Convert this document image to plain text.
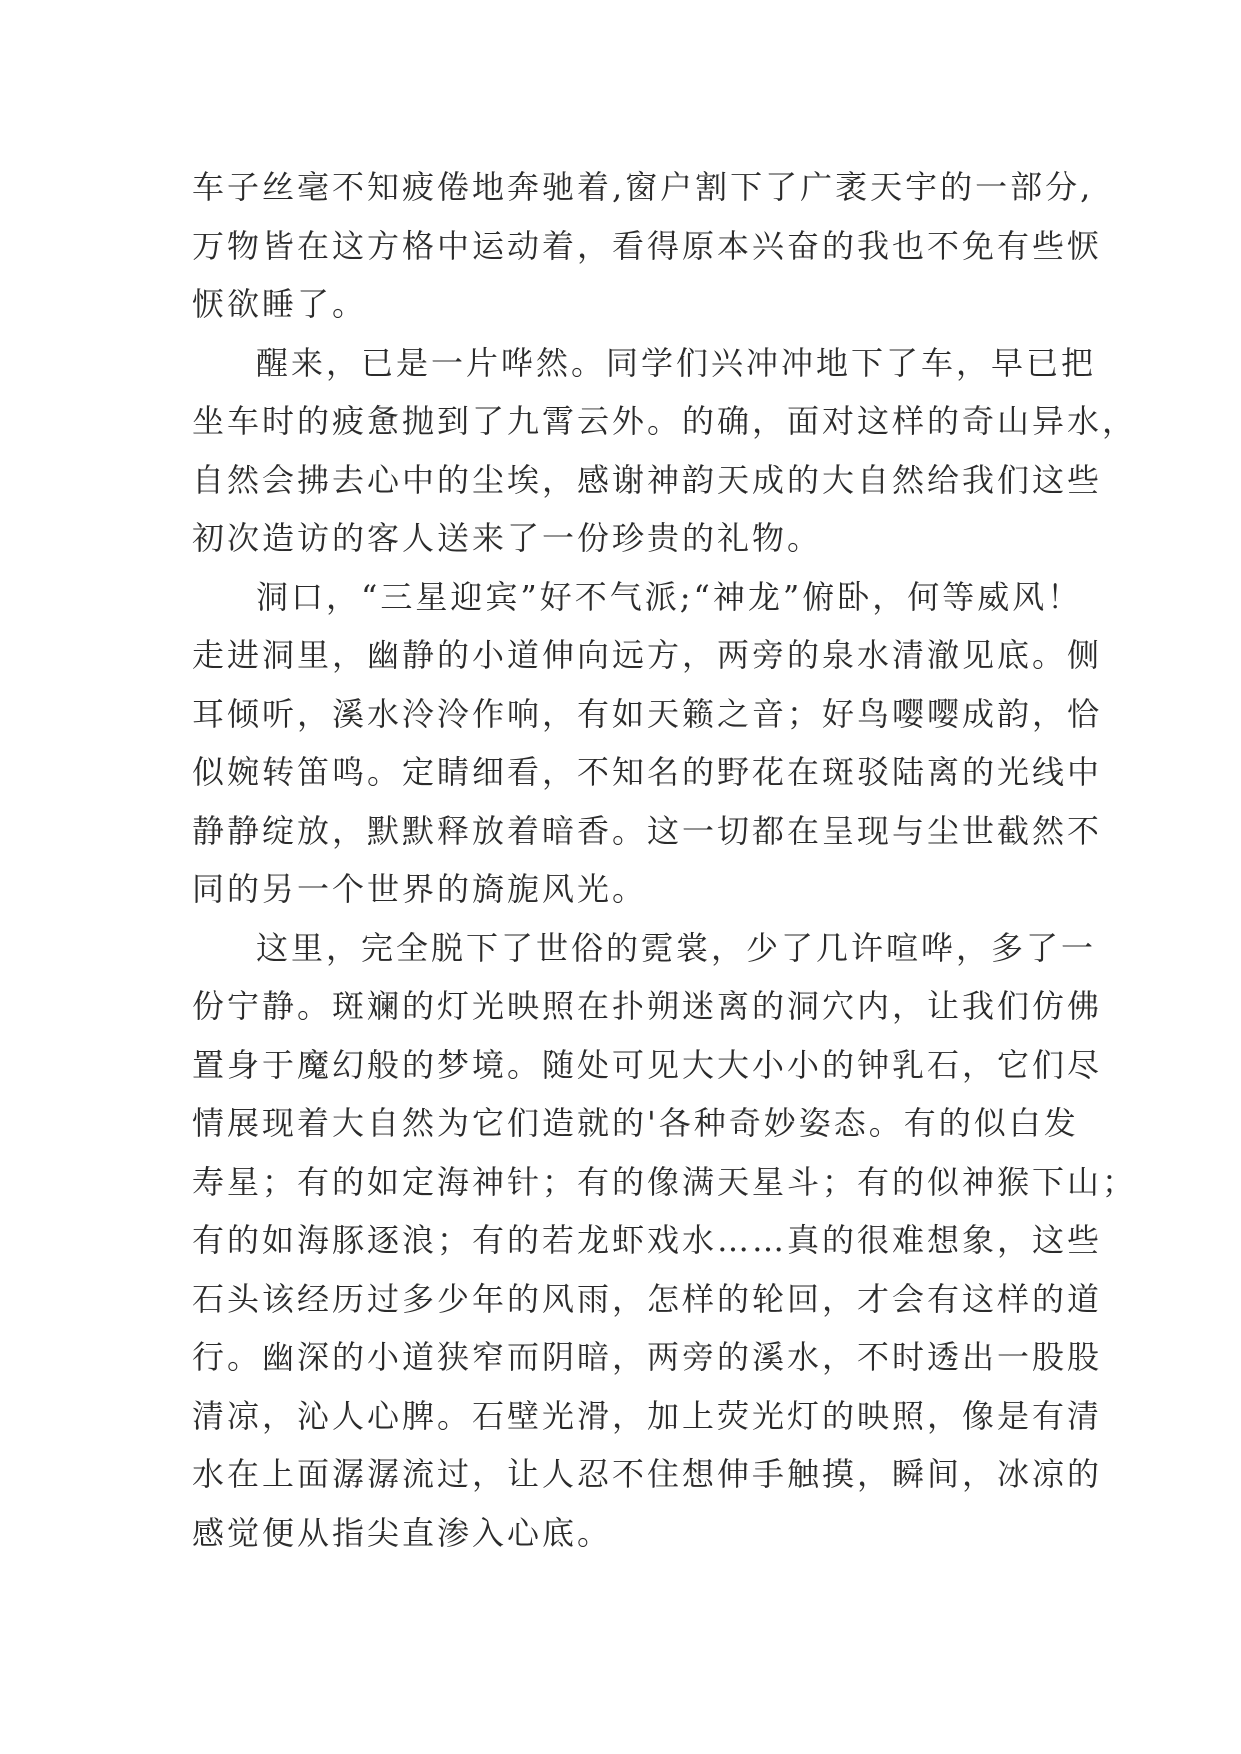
车子丝毫不知疲倦地奔驰着,窗户割下了广袤天宇的一部分,
万物皆在这方格中运动着，看得原本兴奋的我也不免有些恹
恹欲睡了。
醒来，已是一片哗然。同学们兴冲冲地下了车，早已把
坐车时的疲惫抛到了九霄云外。的确，面对这样的奇山异水，
自然会拂去心中的尘埃，感谢神韵天成的大自然给我们这些
初次造访的客人送来了一份珍贵的礼物。
洞口，“三星迎宾”好不气派;“神龙”俯卧，何等威风！
走进洞里，幽静的小道伸向远方，两旁的泉水清澈见底。侧
耳倾听，溪水泠泠作响，有如天籁之音；好鸟嘤嘤成韵，恰
似婉转笛鸣。定睛细看，不知名的野花在斑驳陆离的光线中
静静绽放，默默释放着暗香。这一切都在呈现与尘世截然不
同的另一个世界的旖旎风光。
这里，完全脱下了世俗的霓裳，少了几许喧哗，多了一
份宁静。斑斓的灯光映照在扑朔迷离的洞穴内，让我们仿佛
置身于魔幻般的梦境。随处可见大大小小的钟乳石，它们尽
情展现着大自然为它们造就的'各种奇妙姿态。有的似白发
寿星；有的如定海神针；有的像满天星斗；有的似神猴下山；
有的如海豚逐浪；有的若龙虾戏水……真的很难想象，这些
石头该经历过多少年的风雨，怎样的轮回，才会有这样的道
行。幽深的小道狭窄而阴暗，两旁的溪水，不时透出一股股
清凉，沁人心脾。石壁光滑，加上荧光灯的映照，像是有清
水在上面潺潺流过，让人忍不住想伸手触摸，瞬间，冰凉的
感觉便从指尖直渗入心底。
